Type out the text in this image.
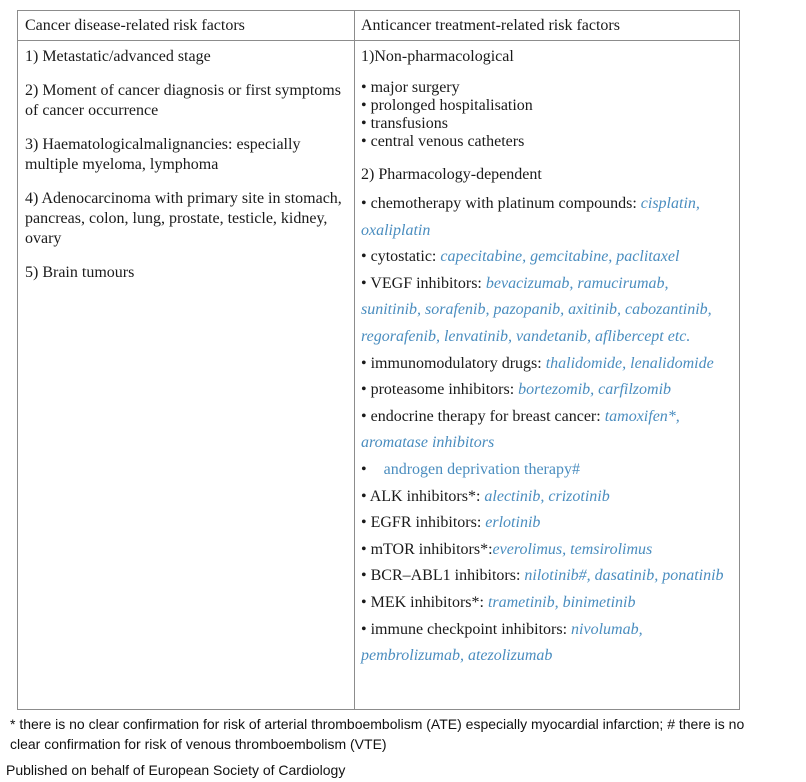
Cancer disease-related risk factors	Anticancer treatment-related risk factors
1) Metastatic/advanced stage
2) Moment of cancer diagnosis or first symptoms of cancer occurrence
3) Haematologicalmalignancies: especially multiple myeloma, lymphoma
4) Adenocarcinoma with primary site in stomach, pancreas, colon, lung, prostate, testicle, kidney, ovary
5) Brain tumours
1)Non-pharmacological
• major surgery
• prolonged hospitalisation
• transfusions
• central venous catheters
2) Pharmacology-dependent
• chemotherapy with platinum compounds: cisplatin,
oxaliplatin
• cytostatic: capecitabine, gemcitabine, paclitaxel
• VEGF inhibitors: bevacizumab, ramucirumab,
sunitinib, sorafenib, pazopanib, axitinib, cabozantinib,
regorafenib, lenvatinib, vandetanib, aflibercept etc.
• immunomodulatory drugs: thalidomide, lenalidomide
• proteasome inhibitors: bortezomib, carfilzomib
• endocrine therapy for breast cancer: tamoxifen*,
aromatase inhibitors
• androgen deprivation therapy#
• ALK inhibitors*: alectinib, crizotinib
• EGFR inhibitors: erlotinib
• mTOR inhibitors*:everolimus, temsirolimus
• BCR–ABL1 inhibitors: nilotinib#, dasatinib, ponatinib
• MEK inhibitors*: trametinib, binimetinib
• immune checkpoint inhibitors: nivolumab,
pembrolizumab, atezolizumab
* there is no clear confirmation for risk of arterial thromboembolism (ATE) especially myocardial infarction; # there is no clear confirmation for risk of venous thromboembolism (VTE)
Published on behalf of European Society of Cardiology
